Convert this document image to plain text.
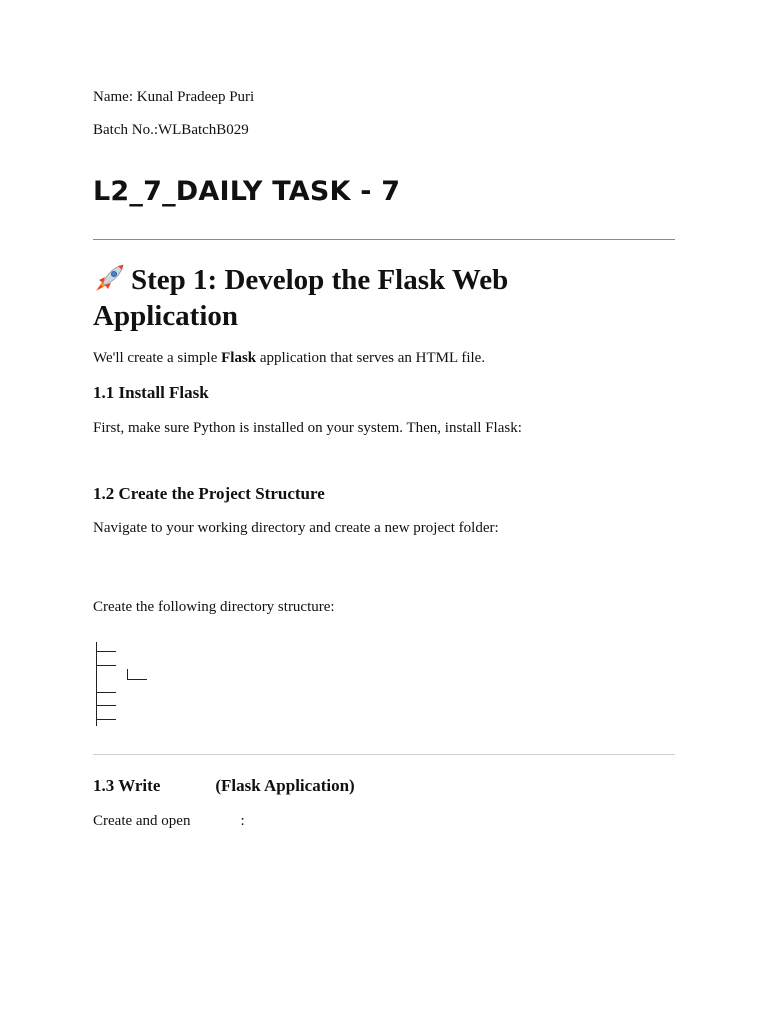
Name: Kunal Pradeep Puri
Batch No.:WLBatchB029
L2_7_DAILY TASK - 7
Step 1: Develop the Flask Web Application
We'll create a simple Flask application that serves an HTML file.
1.1 Install Flask
First, make sure Python is installed on your system. Then, install Flask:
1.2 Create the Project Structure
Navigate to your working directory and create a new project folder:
Create the following directory structure:
1.3 Write	(Flask Application)
Create and open	:
